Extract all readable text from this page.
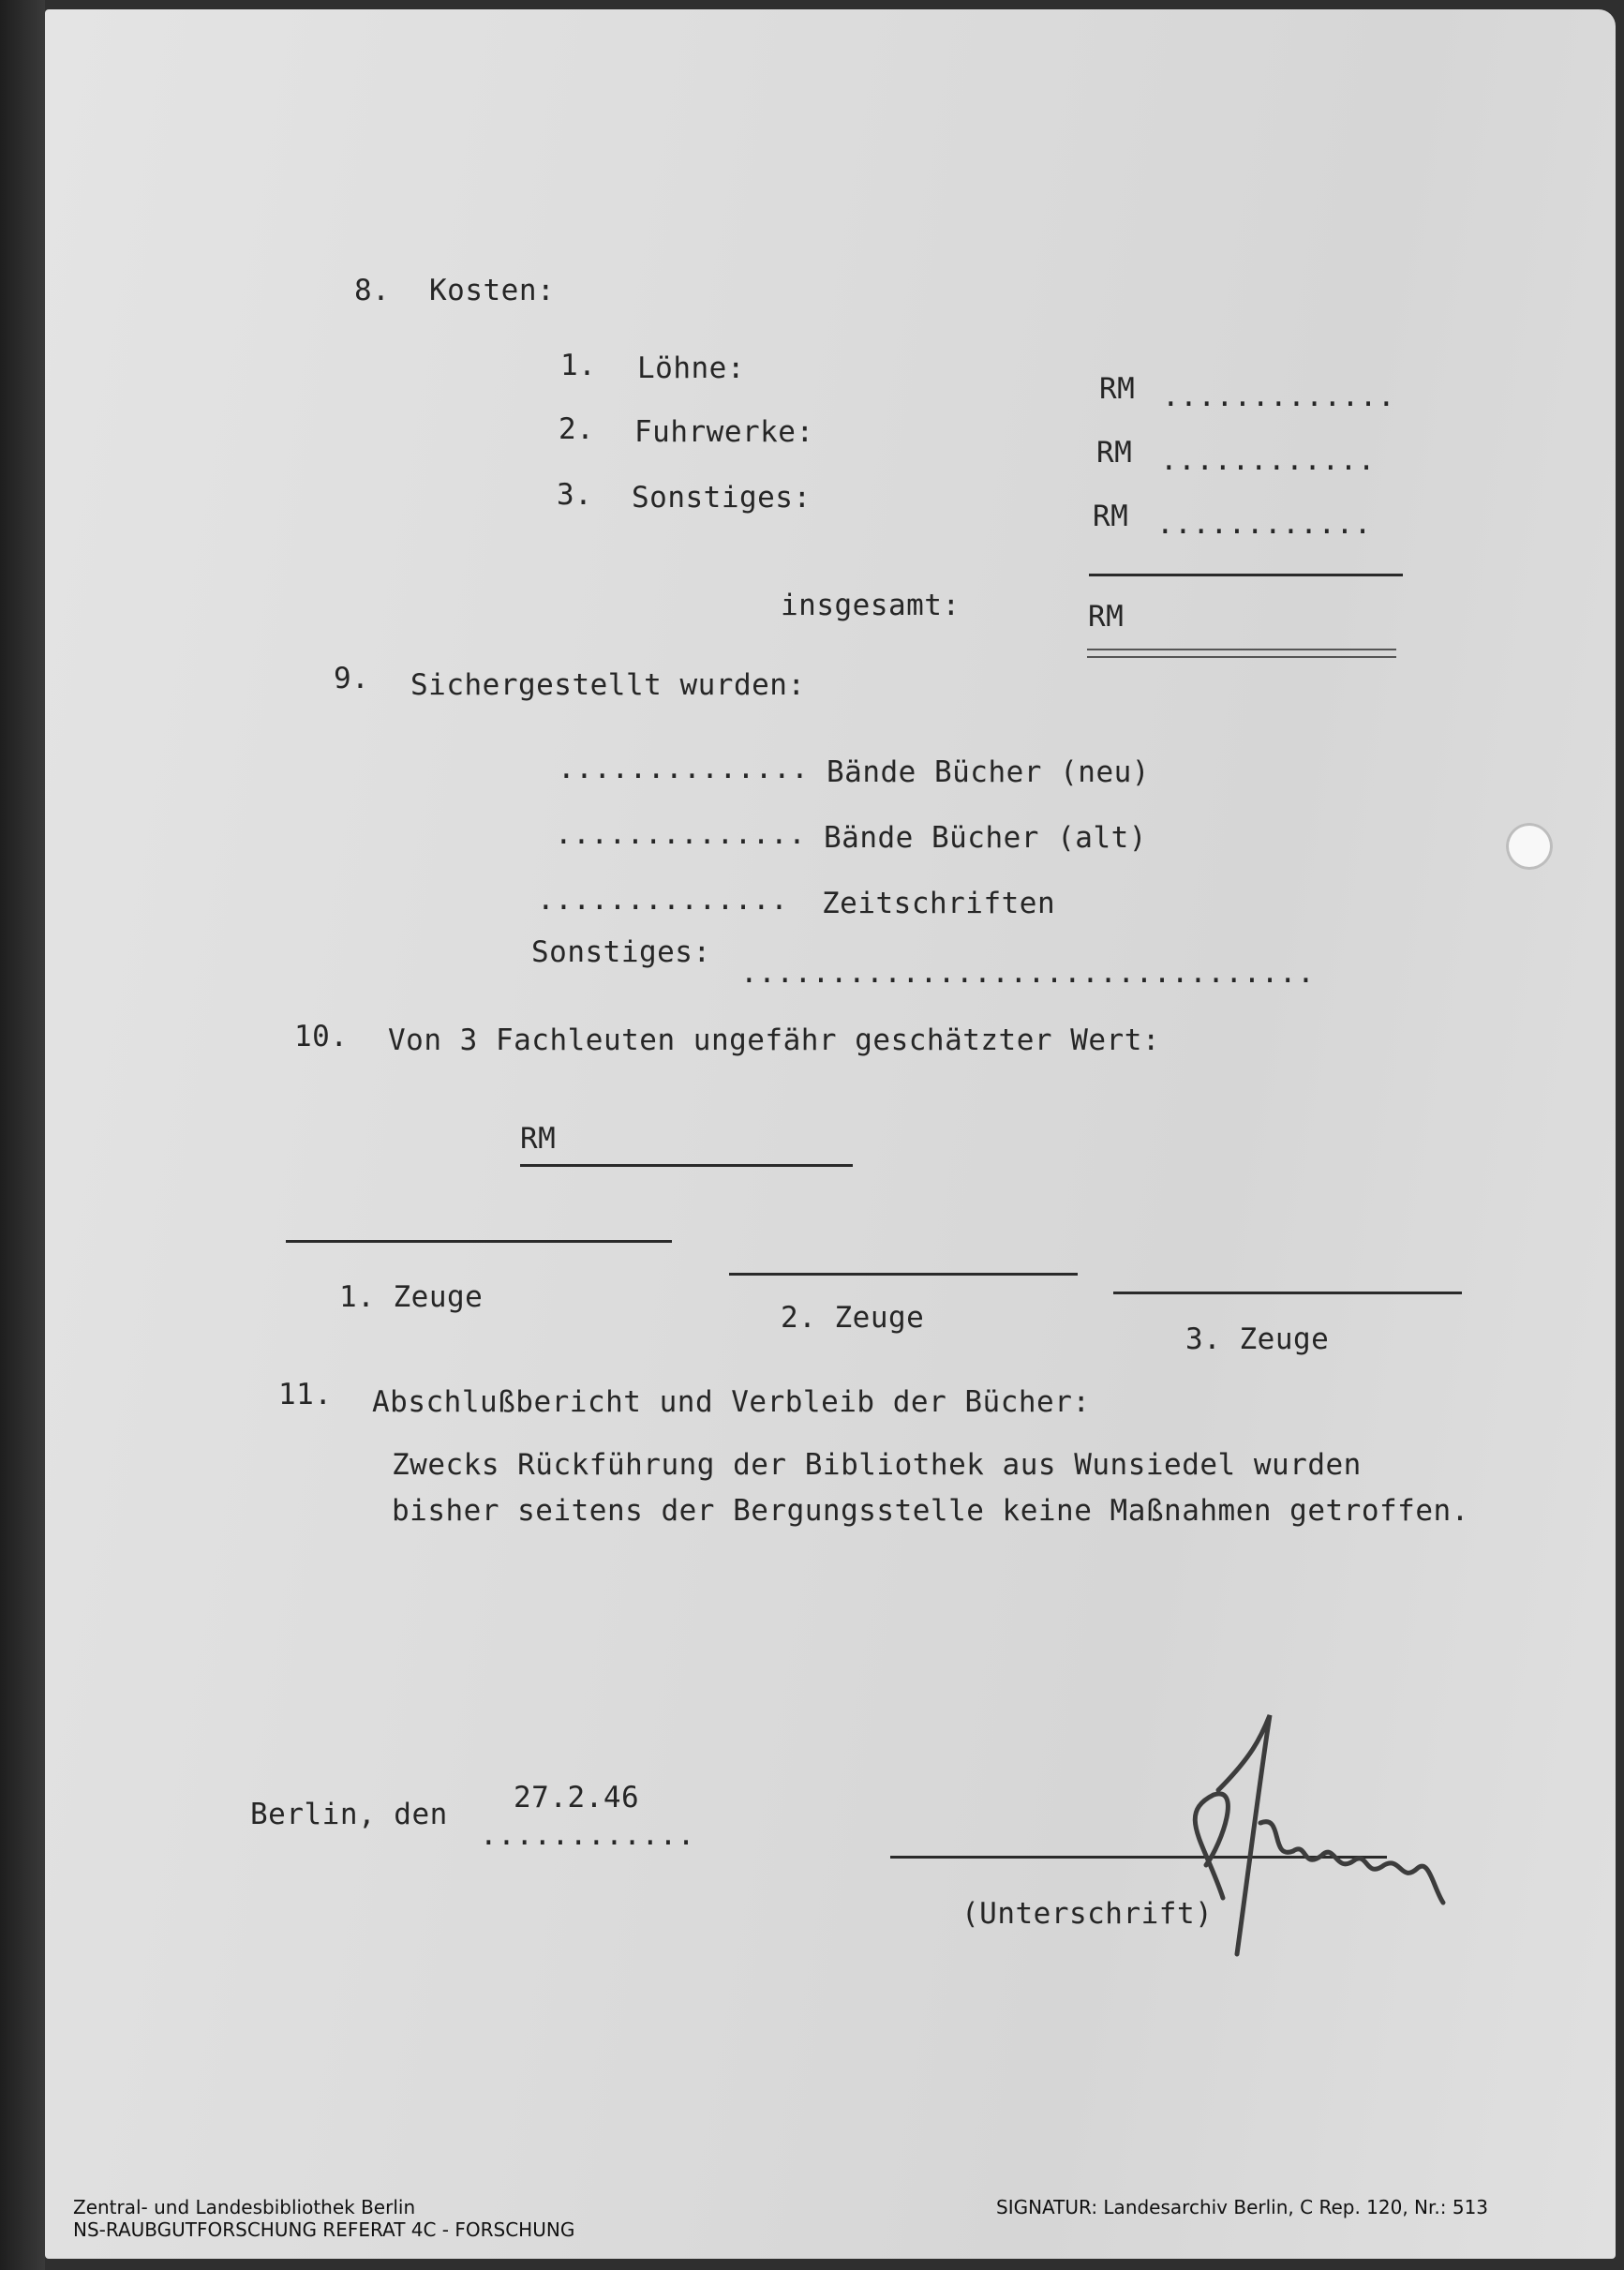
8. Kosten:
1. Löhne:
RM .............
2. Fuhrwerke:
RM ............
3. Sonstiges:
RM ............
insgesamt:	RM
9. Sichergestellt wurden:
.............. Bände Bücher (neu)
.............. Bände Bücher (alt)
.............. Zeitschriften
Sonstiges:
................................
10. Von 3 Fachleuten ungefähr geschätzter Wert:
RM
1. Zeuge
2. Zeuge
3. Zeuge
11. Abschlußbericht und Verbleib der Bücher:
Zwecks Rückführung der Bibliothek aus Wunsiedel wurden
bisher seitens der Bergungsstelle keine Maßnahmen getroffen.
Berlin, den
............
27.2.46
(Unterschrift)
Zentral- und Landesbibliothek Berlin
NS-RAUBGUTFORSCHUNG REFERAT 4C - FORSCHUNG
SIGNATUR: Landesarchiv Berlin, C Rep. 120, Nr.: 513
